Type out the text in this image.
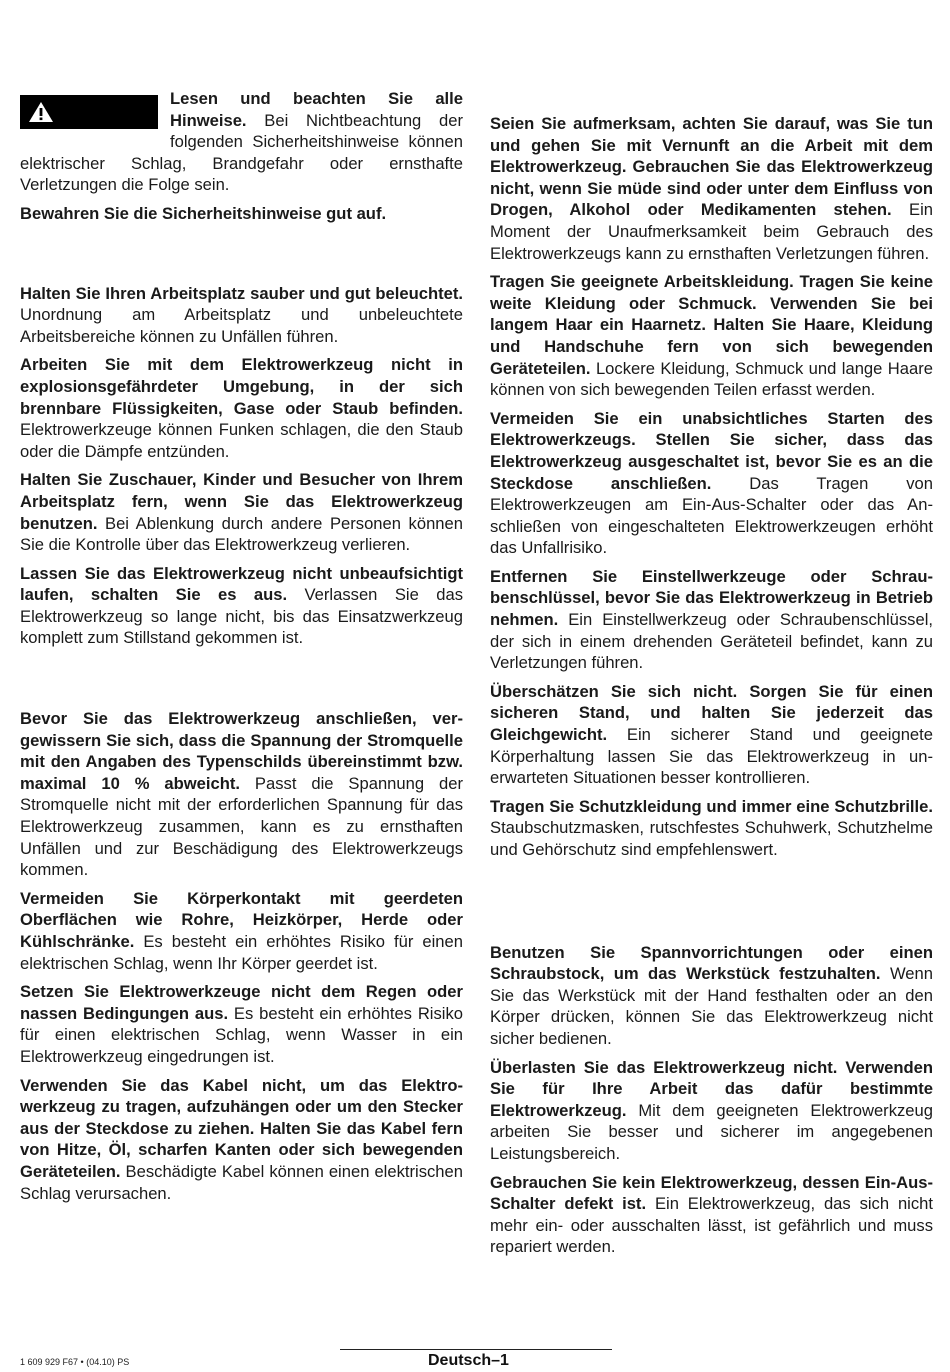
Lesen und beachten Sie alle Hinweise. Bei Nichtbeachtung der folgenden Sicherheitshinweise können elektrischer Schlag, Brandgefahr oder ernsthafte Verletzungen die Folge sein.

Bewahren Sie die Sicherheitshinweise gut auf.

Halten Sie Ihren Arbeitsplatz sauber und gut beleuchtet. Unordnung am Arbeitsplatz und unbeleuchtete Arbeitsbereiche können zu Unfällen führen.

Arbeiten Sie mit dem Elektrowerkzeug nicht in explosionsgefährdeter Umgebung, in der sich brennbare Flüssigkeiten, Gase oder Staub befinden. Elektrowerkzeuge können Funken schlagen, die den Staub oder die Dämpfe entzünden.

Halten Sie Zuschauer, Kinder und Besucher von Ihrem Arbeitsplatz fern, wenn Sie das Elektrowerkzeug benutzen. Bei Ablenkung durch andere Personen können Sie die Kontrolle über das Elektrowerkzeug verlieren.

Lassen Sie das Elektrowerkzeug nicht unbeaufsichtigt laufen, schalten Sie es aus. Verlassen Sie das Elektrowerkzeug so lange nicht, bis das Einsatzwerkzeug komplett zum Stillstand gekommen ist.

Bevor Sie das Elektrowerkzeug anschließen, vergewissern Sie sich, dass die Spannung der Stromquelle mit den Angaben des Typenschilds übereinstimmt bzw. maximal 10 % abweicht. Passt die Spannung der Stromquelle nicht mit der erforderlichen Spannung für das Elektrowerkzeug zusammen, kann es zu ernsthaften Unfällen und zur Beschädigung des Elektrowerkzeugs kommen.

Vermeiden Sie Körperkontakt mit geerdeten Oberflächen wie Rohre, Heizkörper, Herde oder Kühlschränke. Es besteht ein erhöhtes Risiko für einen elektrischen Schlag, wenn Ihr Körper geerdet ist.

Setzen Sie Elektrowerkzeuge nicht dem Regen oder nassen Bedingungen aus. Es besteht ein erhöhtes Risiko für einen elektrischen Schlag, wenn Wasser in ein Elektrowerkzeug eingedrungen ist.

Verwenden Sie das Kabel nicht, um das Elektrowerkzeug zu tragen, aufzuhängen oder um den Stecker aus der Steckdose zu ziehen. Halten Sie das Kabel fern von Hitze, Öl, scharfen Kanten oder sich bewegenden Geräteteilen. Beschädigte Kabel können einen elektrischen Schlag verursachen.

Seien Sie aufmerksam, achten Sie darauf, was Sie tun und gehen Sie mit Vernunft an die Arbeit mit dem Elektrowerkzeug. Gebrauchen Sie das Elektrowerkzeug nicht, wenn Sie müde sind oder unter dem Einfluss von Drogen, Alkohol oder Medikamenten stehen. Ein Moment der Unaufmerksamkeit beim Gebrauch des Elektrowerkzeugs kann zu ernsthaften Verletzungen führen.

Tragen Sie geeignete Arbeitskleidung. Tragen Sie keine weite Kleidung oder Schmuck. Verwenden Sie bei langem Haar ein Haarnetz. Halten Sie Haare, Kleidung und Handschuhe fern von sich bewegenden Geräteteilen. Lockere Kleidung, Schmuck und lange Haare können von sich bewegenden Teilen erfasst werden.

Vermeiden Sie ein unabsichtliches Starten des Elektrowerkzeugs. Stellen Sie sicher, dass das Elektrowerkzeug ausgeschaltet ist, bevor Sie es an die Steckdose anschließen. Das Tragen von Elektrowerkzeugen am Ein-Aus-Schalter oder das Anschließen von eingeschalteten Elektrowerkzeugen erhöht das Unfallrisiko.

Entfernen Sie Einstellwerkzeuge oder Schraubenschlüssel, bevor Sie das Elektrowerkzeug in Betrieb nehmen. Ein Einstellwerkzeug oder Schraubenschlüssel, der sich in einem drehenden Geräteteil befindet, kann zu Verletzungen führen.

Überschätzen Sie sich nicht. Sorgen Sie für einen sicheren Stand, und halten Sie jederzeit das Gleichgewicht. Ein sicherer Stand und geeignete Körperhaltung lassen Sie das Elektrowerkzeug in unerwarteten Situationen besser kontrollieren.

Tragen Sie Schutzkleidung und immer eine Schutzbrille. Staubschutzmasken, rutschfestes Schuhwerk, Schutzhelme und Gehörschutz sind empfehlenswert.

Benutzen Sie Spannvorrichtungen oder einen Schraubstock, um das Werkstück festzuhalten. Wenn Sie das Werkstück mit der Hand festhalten oder an den Körper drücken, können Sie das Elektrowerkzeug nicht sicher bedienen.

Überlasten Sie das Elektrowerkzeug nicht. Verwenden Sie für Ihre Arbeit das dafür bestimmte Elektrowerkzeug. Mit dem geeigneten Elektrowerkzeug arbeiten Sie besser und sicherer im angegebenen Leistungsbereich.

Gebrauchen Sie kein Elektrowerkzeug, dessen Ein-Aus-Schalter defekt ist. Ein Elektrowerkzeug, das sich nicht mehr ein- oder ausschalten lässt, ist gefährlich und muss repariert werden.

1 609 929 F67 • (04.10) PS	Deutsch–1
